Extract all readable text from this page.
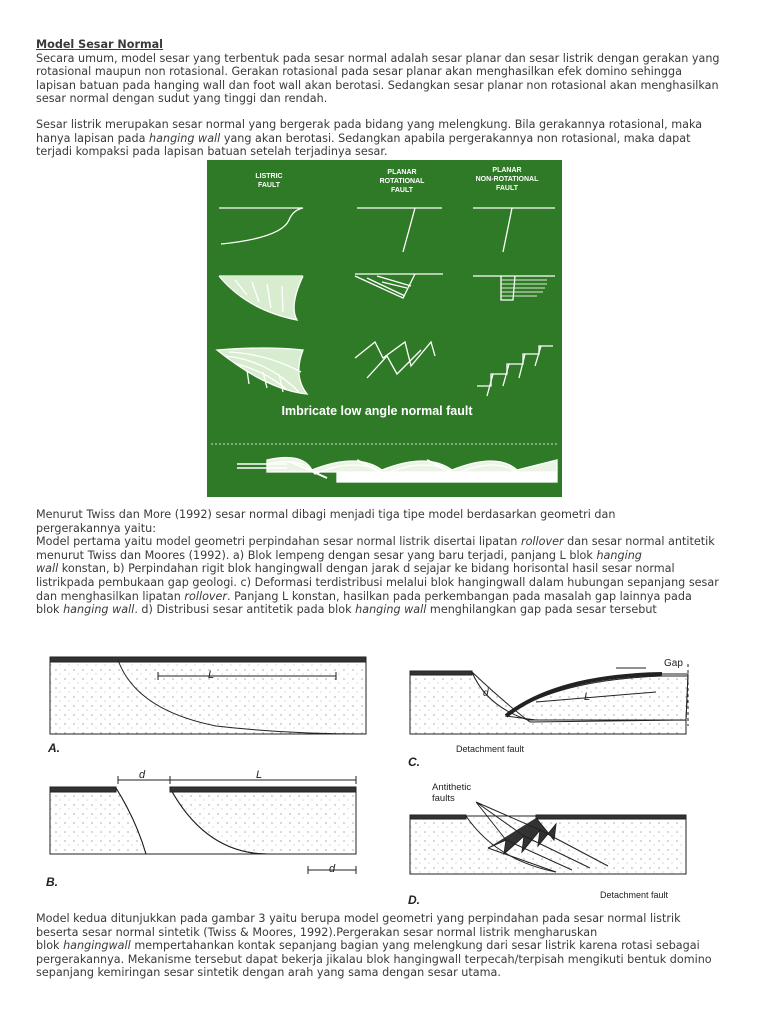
Model Sesar Normal
Secara umum, model sesar yang terbentuk pada sesar normal adalah sesar planar dan sesar listrik dengan gerakan yang
rotasional maupun non rotasional. Gerakan rotasional pada sesar planar akan menghasilkan efek domino sehingga
lapisan batuan pada hanging wall dan foot wall akan berotasi. Sedangkan sesar planar non rotasional akan menghasilkan
sesar normal dengan sudut yang tinggi dan rendah.
Sesar listrik merupakan sesar normal yang bergerak pada bidang yang melengkung. Bila gerakannya rotasional, maka
hanya lapisan pada hanging wall yang akan berotasi. Sedangkan apabila pergerakannya non rotasional, maka dapat
terjadi kompaksi pada lapisan batuan setelah terjadinya sesar.
LISTRIC
FAULT
PLANAR
ROTATIONAL
FAULT
PLANAR
NON-ROTATIONAL
FAULT
Imbricate low angle normal fault
Menurut Twiss dan More (1992) sesar normal dibagi menjadi tiga tipe model berdasarkan geometri dan
pergerakannya yaitu:
Model pertama yaitu model geometri perpindahan sesar normal listrik disertai lipatan rollover dan sesar normal antitetik
menurut Twiss dan Moores (1992). a) Blok lempeng dengan sesar yang baru terjadi, panjang L blok hanging
wall konstan, b) Perpindahan rigit blok hangingwall dengan jarak d sejajar ke bidang horisontal hasil sesar normal
listrikpada pembukaan gap geologi. c) Deformasi terdistribusi melalui blok hangingwall dalam hubungan sepanjang sesar
dan menghasilkan lipatan rollover. Panjang L konstan, hasilkan pada perkembangan pada masalah gap lainnya pada
blok hanging wall. d) Distribusi sesar antitetik pada blok hanging wall menghilangkan gap pada sesar tersebut
L
A.
d	L
d
B.
Gap
d	L
Detachment fault
C.
Antithetic
faults
Detachment fault
D.
Model kedua ditunjukkan pada gambar 3 yaitu berupa model geometri yang perpindahan pada sesar normal listrik
beserta sesar normal sintetik (Twiss & Moores, 1992).Pergerakan sesar normal listrik mengharuskan
blok hangingwall mempertahankan kontak sepanjang bagian yang melengkung dari sesar listrik karena rotasi sebagai
pergerakannya. Mekanisme tersebut dapat bekerja jikalau blok hangingwall terpecah/terpisah mengikuti bentuk domino
sepanjang kemiringan sesar sintetik dengan arah yang sama dengan sesar utama.
